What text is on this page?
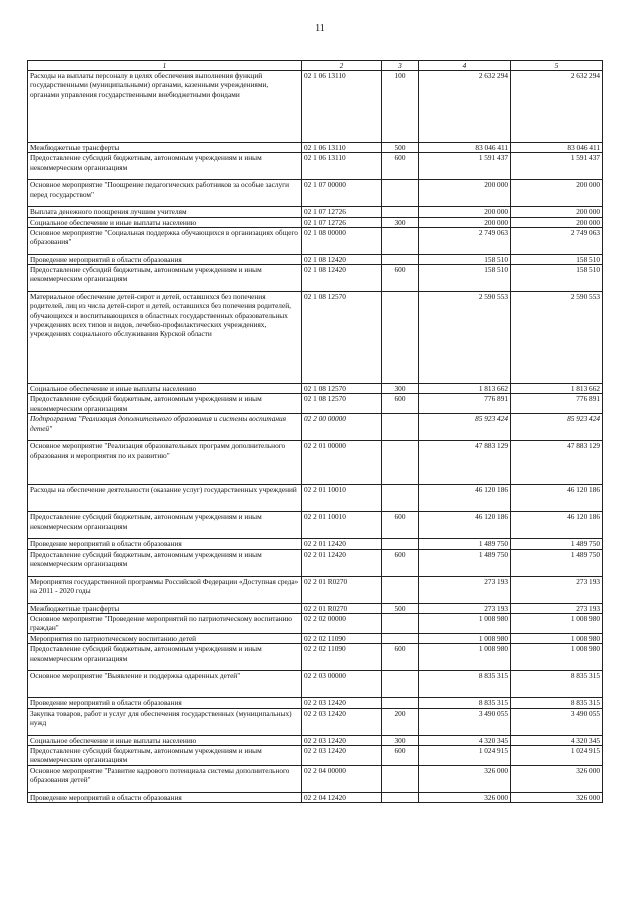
11
1	2	3	4	5
Расходы на выплаты персоналу в целях обеспечения выполнения функций государственными (муниципальными) органами, казенными учреждениями, органами управления государственными внебюджетными фондами	02 1 06 13110	100	2 632 294	2 632 294
Межбюджетные трансферты	02 1 06 13110	500	83 046 411	83 046 411
Предоставление субсидий бюджетным, автономным учреждениям и иным некоммерческим организациям	02 1 06 13110	600	1 591 437	1 591 437
Основное мероприятие "Поощрение педагогических работников за особые заслуги перед государством"	02 1 07 00000		200 000	200 000
Выплата денежного поощрения лучшим учителям	02 1 07 12726		200 000	200 000
Социальное обеспечение и иные выплаты населению	02 1 07 12726	300	200 000	200 000
Основное мероприятие "Социальная поддержка обучающихся в организациях общего образования"	02 1 08 00000		2 749 063	2 749 063
Проведение мероприятий в области образования	02 1 08 12420		158 510	158 510
Предоставление субсидий бюджетным, автономным учреждениям и иным некоммерческим организациям	02 1 08 12420	600	158 510	158 510
Материальное обеспечение детей-сирот и детей, оставшихся без попечения родителей, лиц из числа детей-сирот и детей, оставшихся без попечения родителей, обучающихся и воспитывающихся в областных государственных образовательных учреждениях всех типов и видов, лечебно-профилактических учреждениях, учреждениях социального обслуживания Курской области	02 1 08 12570		2 590 553	2 590 553
Социальное обеспечение и иные выплаты населению	02 1 08 12570	300	1 813 662	1 813 662
Предоставление субсидий бюджетным, автономным учреждениям и иным некоммерческим организациям	02 1 08 12570	600	776 891	776 891
Подпрограмма "Реализация дополнительного образования и системы воспитания детей"	02 2 00 00000		85 923 424	85 923 424
Основное мероприятие "Реализация образовательных программ дополнительного образования и мероприятия по их развитию"	02 2 01 00000		47 883 129	47 883 129
Расходы на обеспечение деятельности (оказание услуг) государственных учреждений	02 2 01 10010		46 120 186	46 120 186
Предоставление субсидий бюджетным, автономным учреждениям и иным некоммерческим организациям	02 2 01 10010	600	46 120 186	46 120 186
Проведение мероприятий в области образования	02 2 01 12420		1 489 750	1 489 750
Предоставление субсидий бюджетным, автономным учреждениям и иным некоммерческим организациям	02 2 01 12420	600	1 489 750	1 489 750
Мероприятия государственной программы Российской Федерации «Доступная среда» на 2011 - 2020 годы	02 2 01 R0270		273 193	273 193
Межбюджетные трансферты	02 2 01 R0270	500	273 193	273 193
Основное мероприятие "Проведение мероприятий по патриотическому воспитанию граждан"	02 2 02 00000		1 008 980	1 008 980
Мероприятия по патриотическому воспитанию детей	02 2 02 11090		1 008 980	1 008 980
Предоставление субсидий бюджетным, автономным учреждениям и иным некоммерческим организациям	02 2 02 11090	600	1 008 980	1 008 980
Основное мероприятие "Выявление и поддержка одаренных детей"	02 2 03 00000		8 835 315	8 835 315
Проведение мероприятий в области образования	02 2 03 12420		8 835 315	8 835 315
Закупка товаров, работ и услуг для обеспечения государственных (муниципальных) нужд	02 2 03 12420	200	3 490 055	3 490 055
Социальное обеспечение и иные выплаты населению	02 2 03 12420	300	4 320 345	4 320 345
Предоставление субсидий бюджетным, автономным учреждениям и иным некоммерческим организациям	02 2 03 12420	600	1 024 915	1 024 915
Основное мероприятие "Развитие кадрового потенциала системы дополнительного образования детей"	02 2 04 00000		326 000	326 000
Проведение мероприятий в области образования	02 2 04 12420		326 000	326 000
